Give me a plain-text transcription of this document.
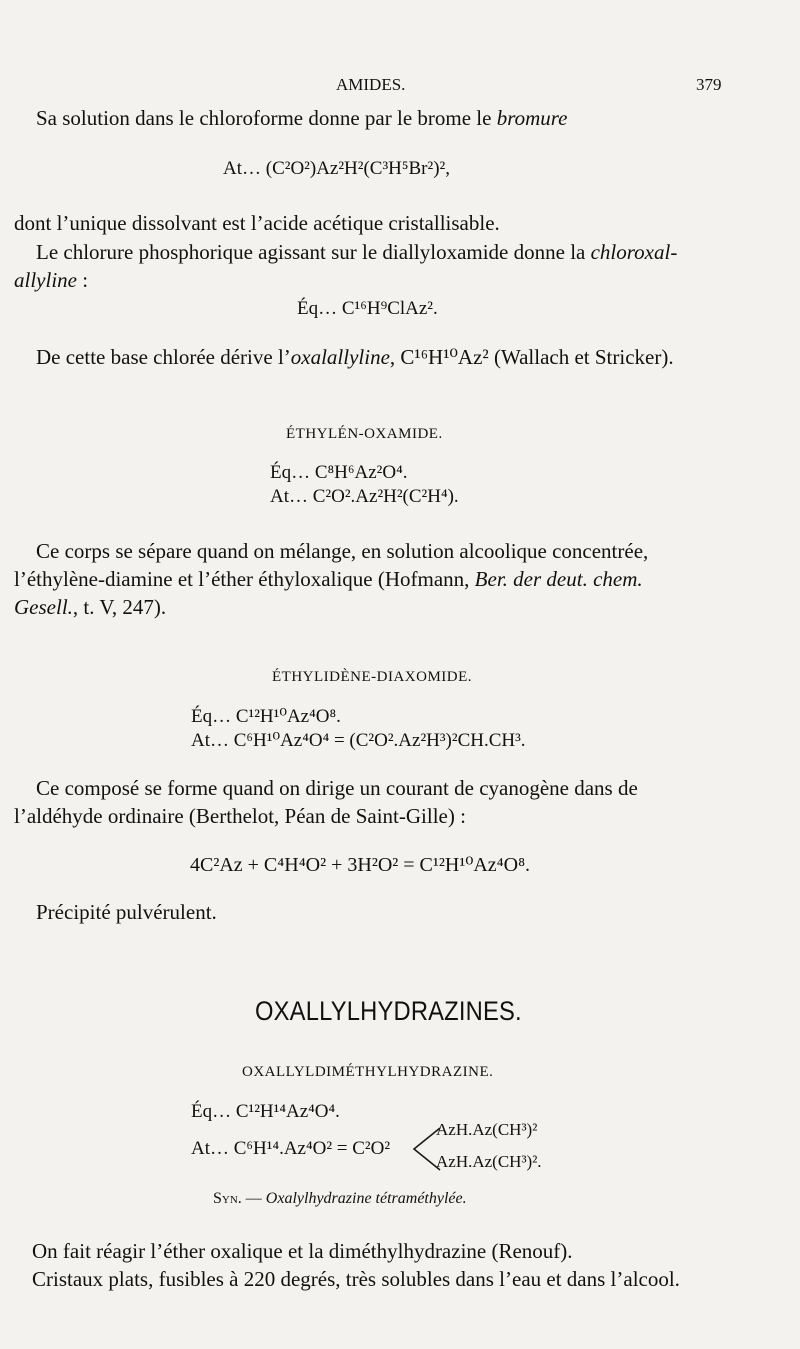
AMIDES.	379
Sa solution dans le chloroforme donne par le brome le bromure
At… (C²O²)Az²H²(C³H⁵Br²)²,
dont l’unique dissolvant est l’acide acétique cristallisable.
Le chlorure phosphorique agissant sur le diallyloxamide donne la chloroxal-
allyline :
Éq… C¹⁶H⁹ClAz².
De cette base chlorée dérive l’oxalallyline, C¹⁶H¹⁰Az² (Wallach et Stricker).
ÉTHYLÉN-OXAMIDE.
Éq… C⁸H⁶Az²O⁴.
At… C²O².Az²H²(C²H⁴).
Ce corps se sépare quand on mélange, en solution alcoolique concentrée,
l’éthylène-diamine et l’éther éthyloxalique (Hofmann, Ber. der deut. chem.
Gesell., t. V, 247).
ÉTHYLIDÈNE-DIAXOMIDE.
Éq… C¹²H¹⁰Az⁴O⁸.
At… C⁶H¹⁰Az⁴O⁴ = (C²O².Az²H³)²CH.CH³.
Ce composé se forme quand on dirige un courant de cyanogène dans de
l’aldéhyde ordinaire (Berthelot, Péan de Saint-Gille) :
4C²Az + C⁴H⁴O² + 3H²O² = C¹²H¹⁰Az⁴O⁸.
Précipité pulvérulent.
OXALLYLHYDRAZINES.
OXALLYLDIMÉTHYLHYDRAZINE.
Éq… C¹²H¹⁴Az⁴O⁴.
At… C⁶H¹⁴.Az⁴O² = C²O²
AzH.Az(CH³)²
AzH.Az(CH³)².
Syn. — Oxalylhydrazine tétraméthylée.
On fait réagir l’éther oxalique et la diméthylhydrazine (Renouf).
Cristaux plats, fusibles à 220 degrés, très solubles dans l’eau et dans l’alcool.
